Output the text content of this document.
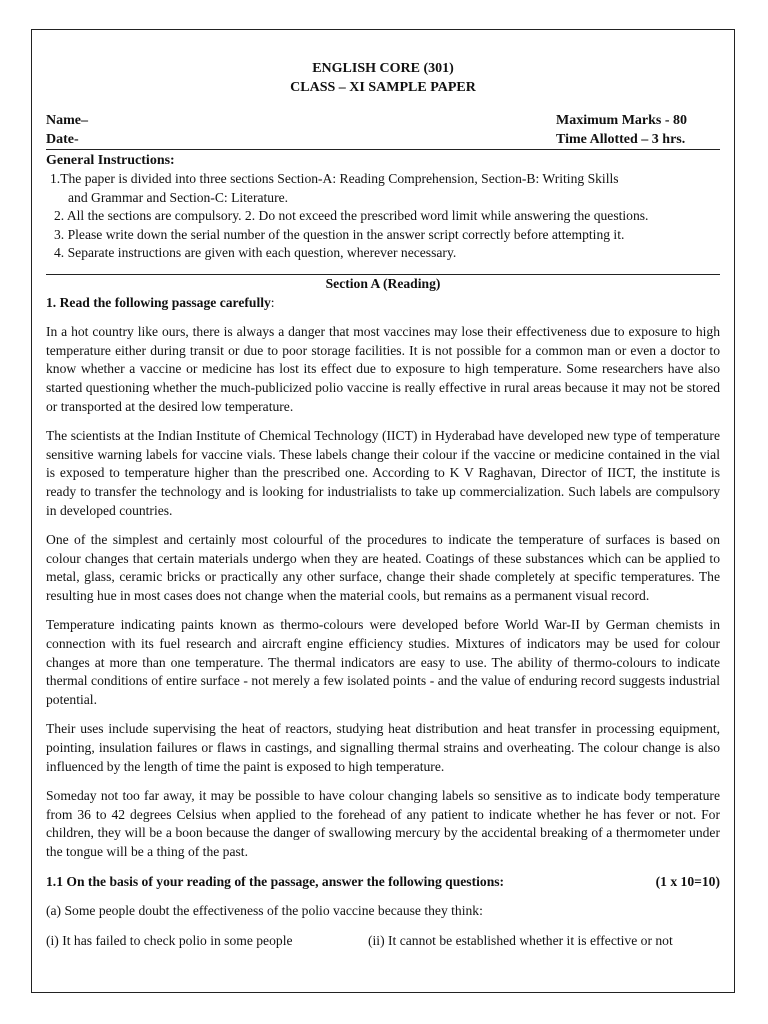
ENGLISH CORE (301)
CLASS – XI SAMPLE PAPER
Name–	Maximum Marks - 80
Date-	Time Allotted – 3 hrs.
General Instructions:
1.The paper is divided into three sections Section-A: Reading Comprehension, Section-B: Writing Skills
and Grammar and Section-C: Literature.
2. All the sections are compulsory. 2. Do not exceed the prescribed word limit while answering the questions.
3. Please write down the serial number of the question in the answer script correctly before attempting it.
4. Separate instructions are given with each question, wherever necessary.
Section A (Reading)
1. Read the following passage carefully:

In a hot country like ours, there is always a danger that most vaccines may lose their effectiveness due to exposure to high temperature either during transit or due to poor storage facilities. It is not possible for a common man or even a doctor to know whether a vaccine or medicine has lost its effect due to exposure to high temperature. Some researchers have also started questioning whether the much-publicized polio vaccine is really effective in rural areas because it may not be stored or transported at the desired low temperature.

The scientists at the Indian Institute of Chemical Technology (IICT) in Hyderabad have developed new type of temperature sensitive warning labels for vaccine vials. These labels change their colour if the vaccine or medicine contained in the vial is exposed to temperature higher than the prescribed one. According to K V Raghavan, Director of IICT, the institute is ready to transfer the technology and is looking for industrialists to take up commercialization. Such labels are compulsory in developed countries.

One of the simplest and certainly most colourful of the procedures to indicate the temperature of surfaces is based on colour changes that certain materials undergo when they are heated. Coatings of these substances which can be applied to metal, glass, ceramic bricks or practically any other surface, change their shade completely at specific temperatures. The resulting hue in most cases does not change when the material cools, but remains as a permanent visual record.

Temperature indicating paints known as thermo-colours were developed before World War-II by German chemists in connection with its fuel research and aircraft engine efficiency studies. Mixtures of indicators may be used for colour changes at more than one temperature. The thermal indicators are easy to use. The ability of thermo-colours to indicate thermal conditions of entire surface - not merely a few isolated points - and the value of enduring record suggests industrial potential.

Their uses include supervising the heat of reactors, studying heat distribution and heat transfer in processing equipment, pointing, insulation failures or flaws in castings, and signalling thermal strains and overheating. The colour change is also influenced by the length of time the paint is exposed to high temperature.

Someday not too far away, it may be possible to have colour changing labels so sensitive as to indicate body temperature from 36 to 42 degrees Celsius when applied to the forehead of any patient to indicate whether he has fever or not. For children, they will be a boon because the danger of swallowing mercury by the accidental breaking of a thermometer under the tongue will be a thing of the past.

1.1 On the basis of your reading of the passage, answer the following questions:	(1 x 10=10)
(a) Some people doubt the effectiveness of the polio vaccine because they think:
(i) It has failed to check polio in some people	(ii) It cannot be established whether it is effective or not
